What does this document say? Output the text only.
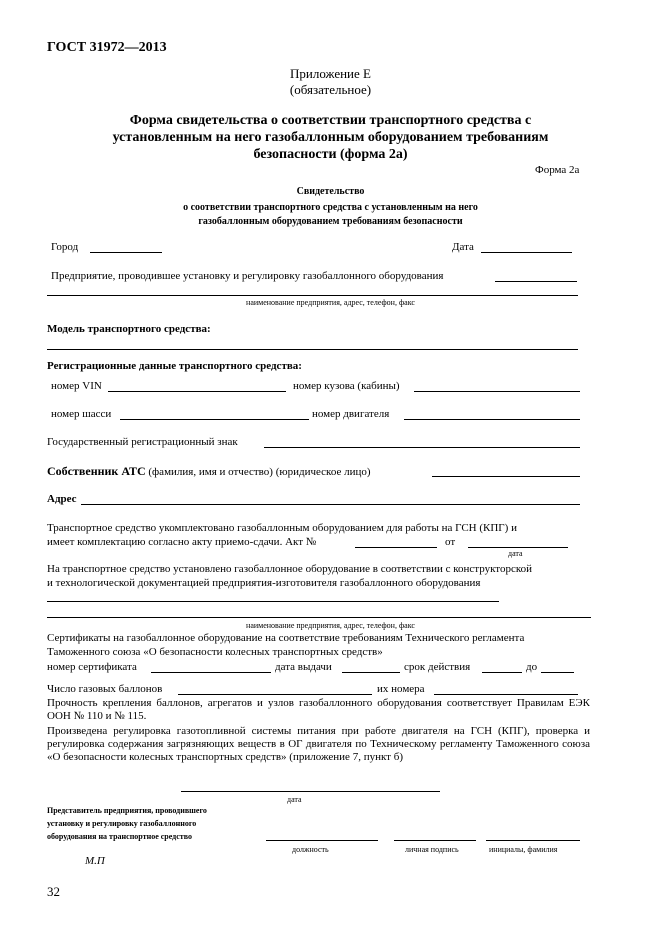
ГОСТ 31972—2013
Приложение Е
(обязательное)
Форма свидетельства о соответствии транспортного средства с
установленным на него газобаллонным оборудованием требованиям
безопасности (форма 2а)
Форма 2а
Свидетельство
о соответствии транспортного средства с установленным на него
газобаллонным оборудованием требованиям безопасности
Город	Дата
Предприятие, проводившее установку и регулировку газобаллонного оборудования
наименование предприятия, адрес, телефон, факс
Модель транспортного средства:
Регистрационные данные транспортного средства:
номер VIN	номер кузова (кабины)
номер шасси	номер двигателя
Государственный регистрационный знак
Собственник АТС (фамилия, имя и отчество) (юридическое лицо)
Адрес
Транспортное средство укомплектовано газобаллонным оборудованием для работы на ГСН (КПГ) и
имеет комплектацию согласно акту приемо-сдачи. Акт №	от
дата
На транспортное средство установлено газобаллонное оборудование в соответствии с конструкторской
и технологической документацией предприятия-изготовителя газобаллонного оборудования
наименование предприятия, адрес, телефон, факс
Сертификаты на газобаллонное оборудование на соответствие требованиям Технического регламента
Таможенного союза «О безопасности колесных транспортных средств»
номер сертификата	дата выдачи	срок действия	до
Число газовых баллонов	их номера
Прочность крепления баллонов, агрегатов и узлов газобаллонного оборудования соответствует Правилам ЕЭК ООН № 110 и № 115.
Произведена регулировка газотопливной системы питания при работе двигателя на ГСН (КПГ), проверка и регулировка содержания загрязняющих веществ в ОГ двигателя по Техническому регламенту Таможенного союза «О безопасности колесных транспортных средств» (приложение 7, пункт б)
дата
Представитель предприятия, проводившего
установку и регулировку газобаллонного
оборудования на транспортное средство
должность	личная подпись	инициалы, фамилия
М.П
32
